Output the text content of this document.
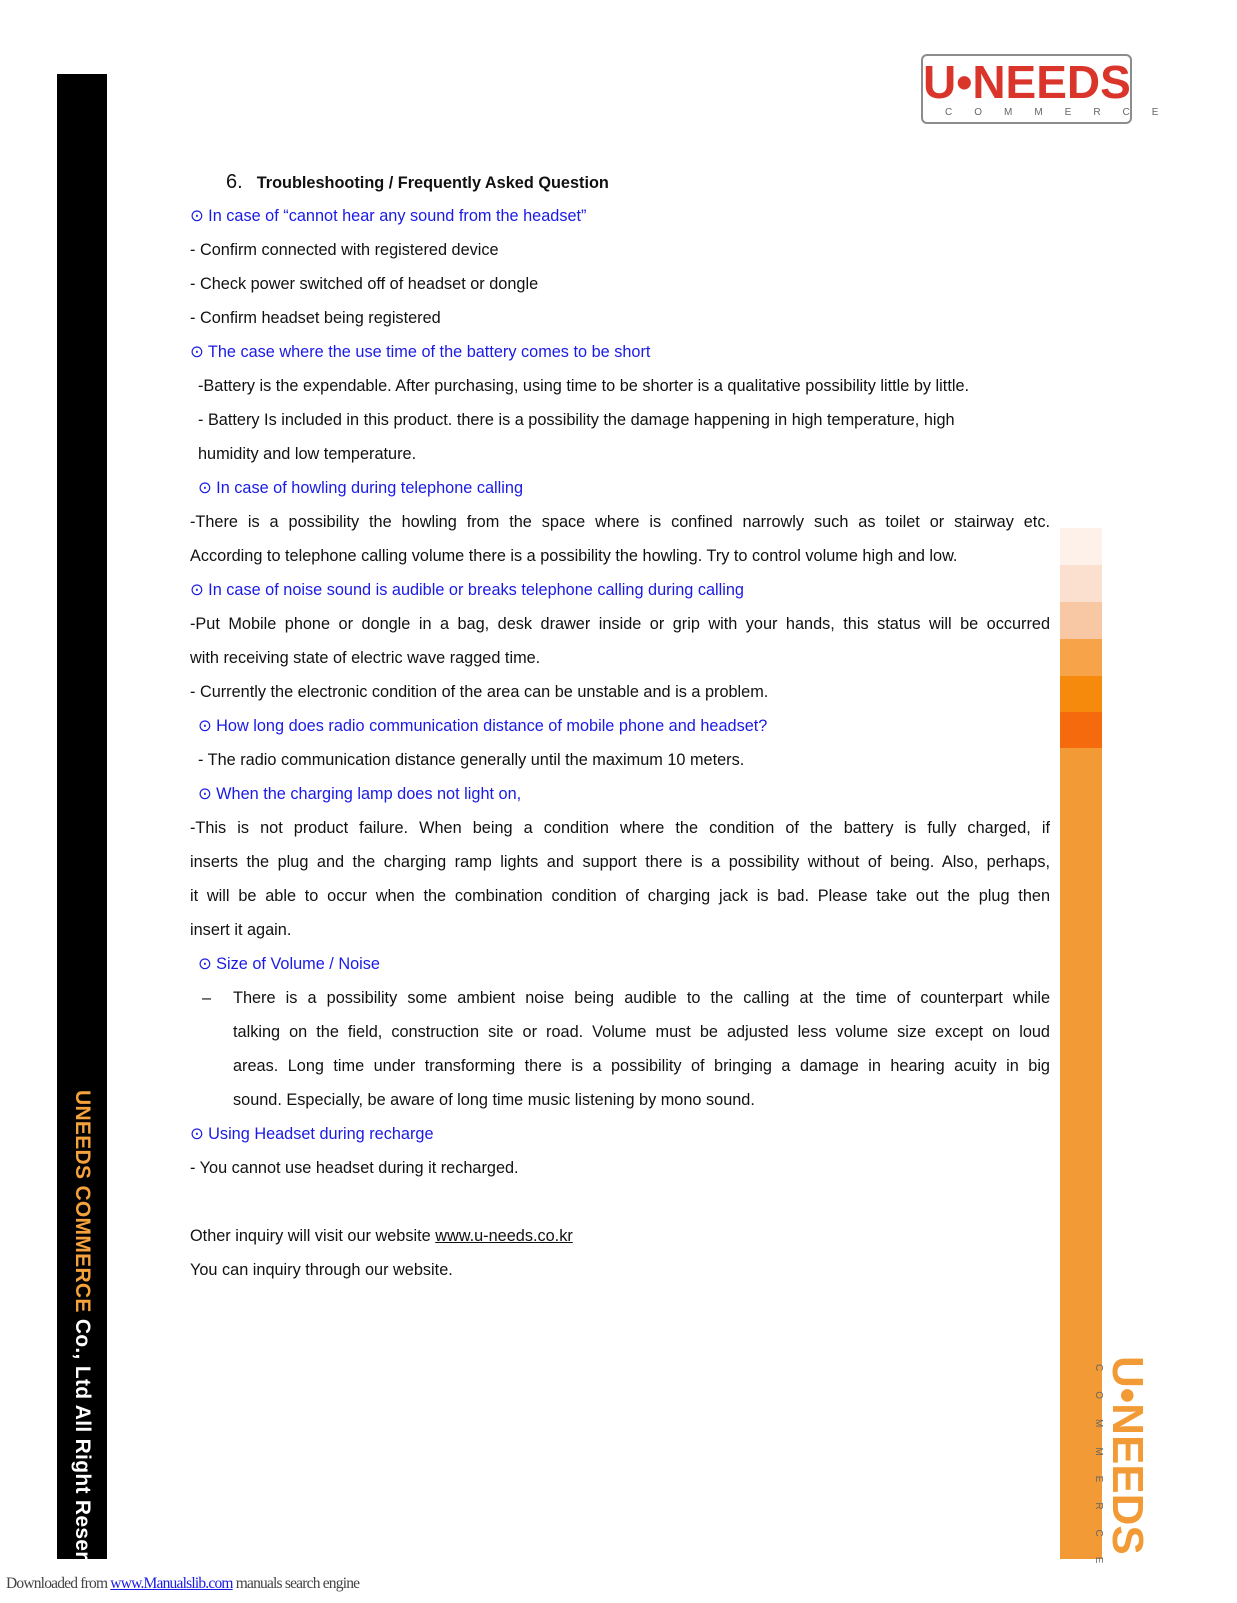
UNEEDS COMMERCE Co., Ltd All Right Reserved.
U•NEEDS
COMMERCE
U•NEEDS
COMMERCE
6. Troubleshooting / Frequently Asked Question
⊙ In case of “cannot hear any sound from the headset”
- Confirm connected with registered device
- Check power switched off of headset or dongle
- Confirm headset being registered
⊙ The case where the use time of the battery comes to be short
-Battery is the expendable. After purchasing, using time to be shorter is a qualitative possibility little by little.
- Battery Is included in this product. there is a possibility the damage happening in high temperature, high
humidity and low temperature.
⊙ In case of howling during telephone calling
-There is a possibility the howling from the space where is confined narrowly such as toilet or stairway etc.
According to telephone calling volume there is a possibility the howling. Try to control volume high and low.
⊙ In case of noise sound is audible or breaks telephone calling during calling
-Put Mobile phone or dongle in a bag, desk drawer inside or grip with your hands, this status will be occurred
with receiving state of electric wave ragged time.
- Currently the electronic condition of the area can be unstable and is a problem.
⊙ How long does radio communication distance of mobile phone and headset?
- The radio communication distance generally until the maximum 10 meters.
⊙ When the charging lamp does not light on,
-This is not product failure. When being a condition where the condition of the battery is fully charged, if
inserts the plug and the charging ramp lights and support there is a possibility without of being. Also, perhaps,
it will be able to occur when the combination condition of charging jack is bad. Please take out the plug then
insert it again.
⊙ Size of Volume / Noise
– There is a possibility some ambient noise being audible to the calling at the time of counterpart while
talking on the field, construction site or road. Volume must be adjusted less volume size except on loud
areas. Long time under transforming there is a possibility of bringing a damage in hearing acuity in big
sound. Especially, be aware of long time music listening by mono sound.
⊙ Using Headset during recharge
- You cannot use headset during it recharged.
Other inquiry will visit our website www.u-needs.co.kr
You can inquiry through our website.
Downloaded from www.Manualslib.com manuals search engine
